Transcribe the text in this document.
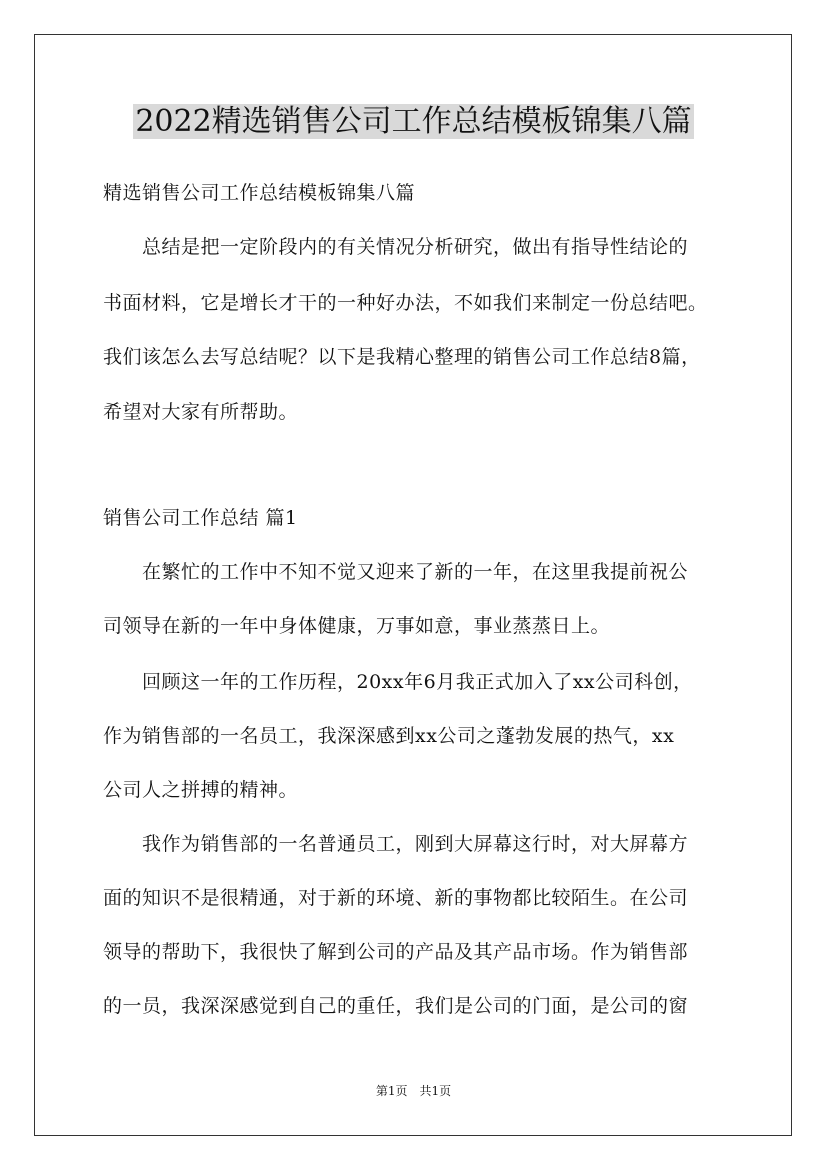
2022精选销售公司工作总结模板锦集八篇
精选销售公司工作总结模板锦集八篇
　　总结是把一定阶段内的有关情况分析研究，做出有指导性结论的
书面材料，它是增长才干的一种好办法，不如我们来制定一份总结吧。
我们该怎么去写总结呢？以下是我精心整理的销售公司工作总结8篇，
希望对大家有所帮助。
销售公司工作总结 篇1
　　在繁忙的工作中不知不觉又迎来了新的一年，在这里我提前祝公
司领导在新的一年中身体健康，万事如意，事业蒸蒸日上。
　　回顾这一年的工作历程，20xx年6月我正式加入了xx公司科创，
作为销售部的一名员工，我深深感到xx公司之蓬勃发展的热气，xx
公司人之拼搏的精神。
　　我作为销售部的一名普通员工，刚到大屏幕这行时，对大屏幕方
面的知识不是很精通，对于新的环境、新的事物都比较陌生。在公司
领导的帮助下，我很快了解到公司的产品及其产品市场。作为销售部
的一员，我深深感觉到自己的重任，我们是公司的门面，是公司的窗
第1页　共1页
